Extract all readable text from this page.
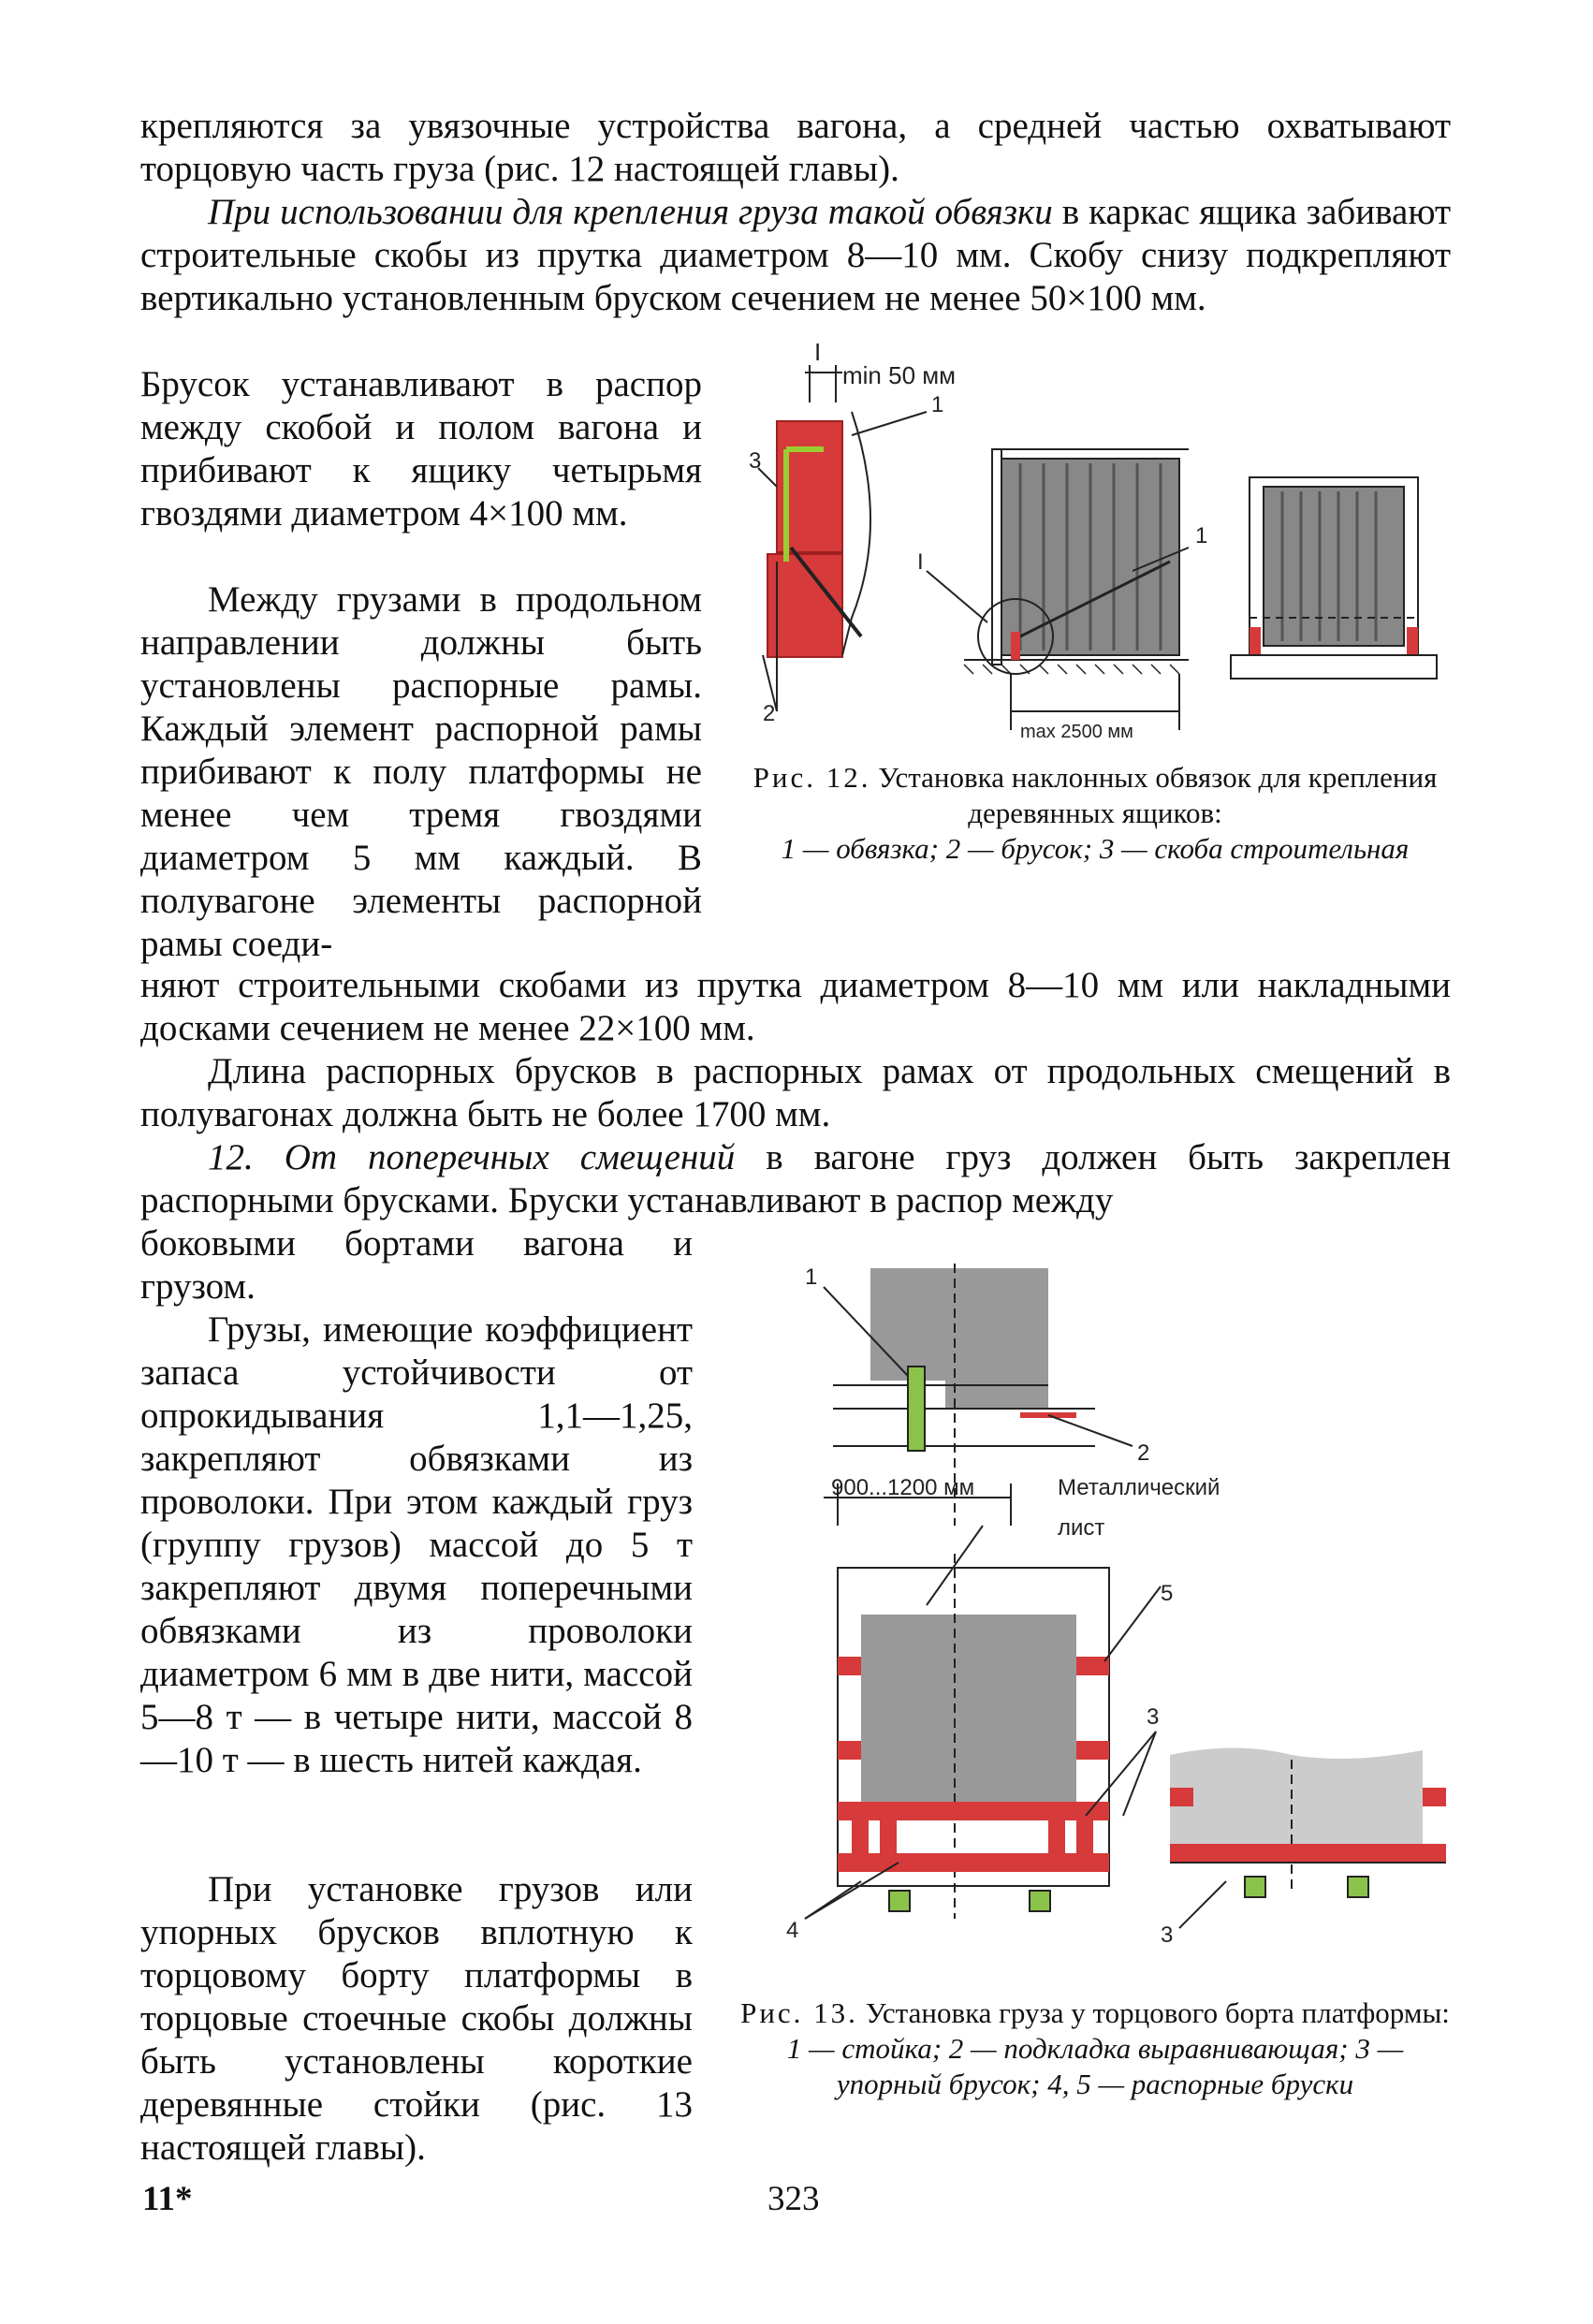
крепляются за увязочные устройства вагона, а средней частью охватывают торцовую часть груза (рис. 12 настоящей главы).

При использовании для крепления груза такой обвязки в каркас ящика забивают строительные скобы из прутка диаметром 8—10 мм. Скобу снизу подкрепляют вертикально установленным бруском сечением не менее 50×100 мм.

Брусок устанавливают в распор между скобой и полом вагона и прибивают к ящику четырьмя гвоздями диаметром 4×100 мм.

Между грузами в продольном направлении должны быть установлены распорные рамы. Каждый элемент распорной рамы прибивают к полу платформы не менее чем тремя гвоздями диаметром 5 мм каждый. В полувагоне элементы распорной рамы соеди-

няют строительными скобами из прутка диаметром 8—10 мм или накладными досками сечением не менее 22×100 мм.

Длина распорных брусков в распорных рамах от продольных смещений в полувагонах должна быть не более 1700 мм.

12. От поперечных смещений в вагоне груз должен быть закреплен распорными брусками. Бруски устанавливают в распор между

боковыми бортами вагона и грузом.

Грузы, имеющие коэффициент запаса устойчивости от опрокидывания 1,1—1,25, закрепляют обвязками из проволоки. При этом каждый груз (группу грузов) массой до 5 т закрепляют двумя поперечными обвязками из проволоки диаметром 6 мм в две нити, массой 5—8 т — в четыре нити, массой 8—10 т — в шесть нитей каждая.

При установке грузов или упорных брусков вплотную к торцовому борту платформы в торцовые стоечные скобы должны быть установлены короткие деревянные стойки (рис. 13 настоящей главы).

I
min 50 мм
1
3
2
I
1
max 2500 мм
Рис. 12. Установка наклонных обвязок для крепления деревянных ящиков:
1 — обвязка; 2 — брусок; 3 — скоба строительная
1
2
900...1200 мм	Металлический
лист
5
3
4	3
Рис. 13. Установка груза у торцового борта платформы:
1 — стойка; 2 — подкладка выравнивающая; 3 — упорный брусок; 4, 5 — распорные бруски
11*	323
